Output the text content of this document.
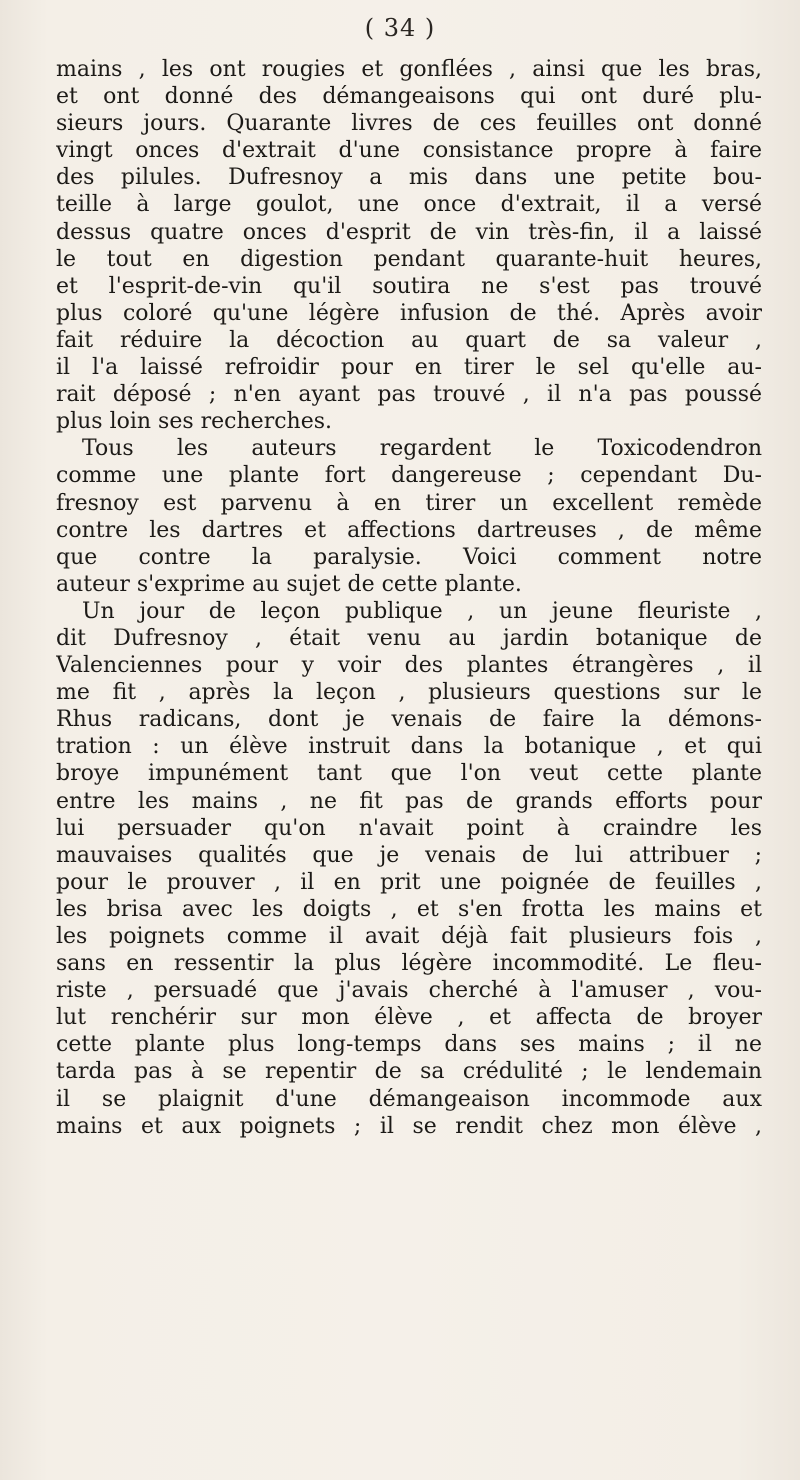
( 34 )
mains , les ont rougies et gonflées , ainsi que les bras,
et ont donné des démangeaisons qui ont duré plu-
sieurs jours. Quarante livres de ces feuilles ont donné
vingt onces d'extrait d'une consistance propre à faire
des pilules. Dufresnoy a mis dans une petite bou-
teille à large goulot, une once d'extrait, il a versé
dessus quatre onces d'esprit de vin très-fin, il a laissé
le tout en digestion pendant quarante-huit heures,
et l'esprit-de-vin qu'il soutira ne s'est pas trouvé
plus coloré qu'une légère infusion de thé. Après avoir
fait réduire la décoction au quart de sa valeur ,
il l'a laissé refroidir pour en tirer le sel qu'elle au-
rait déposé ; n'en ayant pas trouvé , il n'a pas poussé
plus loin ses recherches.
Tous les auteurs regardent le Toxicodendron
comme une plante fort dangereuse ; cependant Du-
fresnoy est parvenu à en tirer un excellent remède
contre les dartres et affections dartreuses , de même
que contre la paralysie. Voici comment notre
auteur s'exprime au sujet de cette plante.
Un jour de leçon publique , un jeune fleuriste ,
dit Dufresnoy , était venu au jardin botanique de
Valenciennes pour y voir des plantes étrangères , il
me fit , après la leçon , plusieurs questions sur le
Rhus radicans, dont je venais de faire la démons-
tration : un élève instruit dans la botanique , et qui
broye impunément tant que l'on veut cette plante
entre les mains , ne fit pas de grands efforts pour
lui persuader qu'on n'avait point à craindre les
mauvaises qualités que je venais de lui attribuer ;
pour le prouver , il en prit une poignée de feuilles ,
les brisa avec les doigts , et s'en frotta les mains et
les poignets comme il avait déjà fait plusieurs fois ,
sans en ressentir la plus légère incommodité. Le fleu-
riste , persuadé que j'avais cherché à l'amuser , vou-
lut renchérir sur mon élève , et affecta de broyer
cette plante plus long-temps dans ses mains ; il ne
tarda pas à se repentir de sa crédulité ; le lendemain
il se plaignit d'une démangeaison incommode aux
mains et aux poignets ; il se rendit chez mon élève ,
